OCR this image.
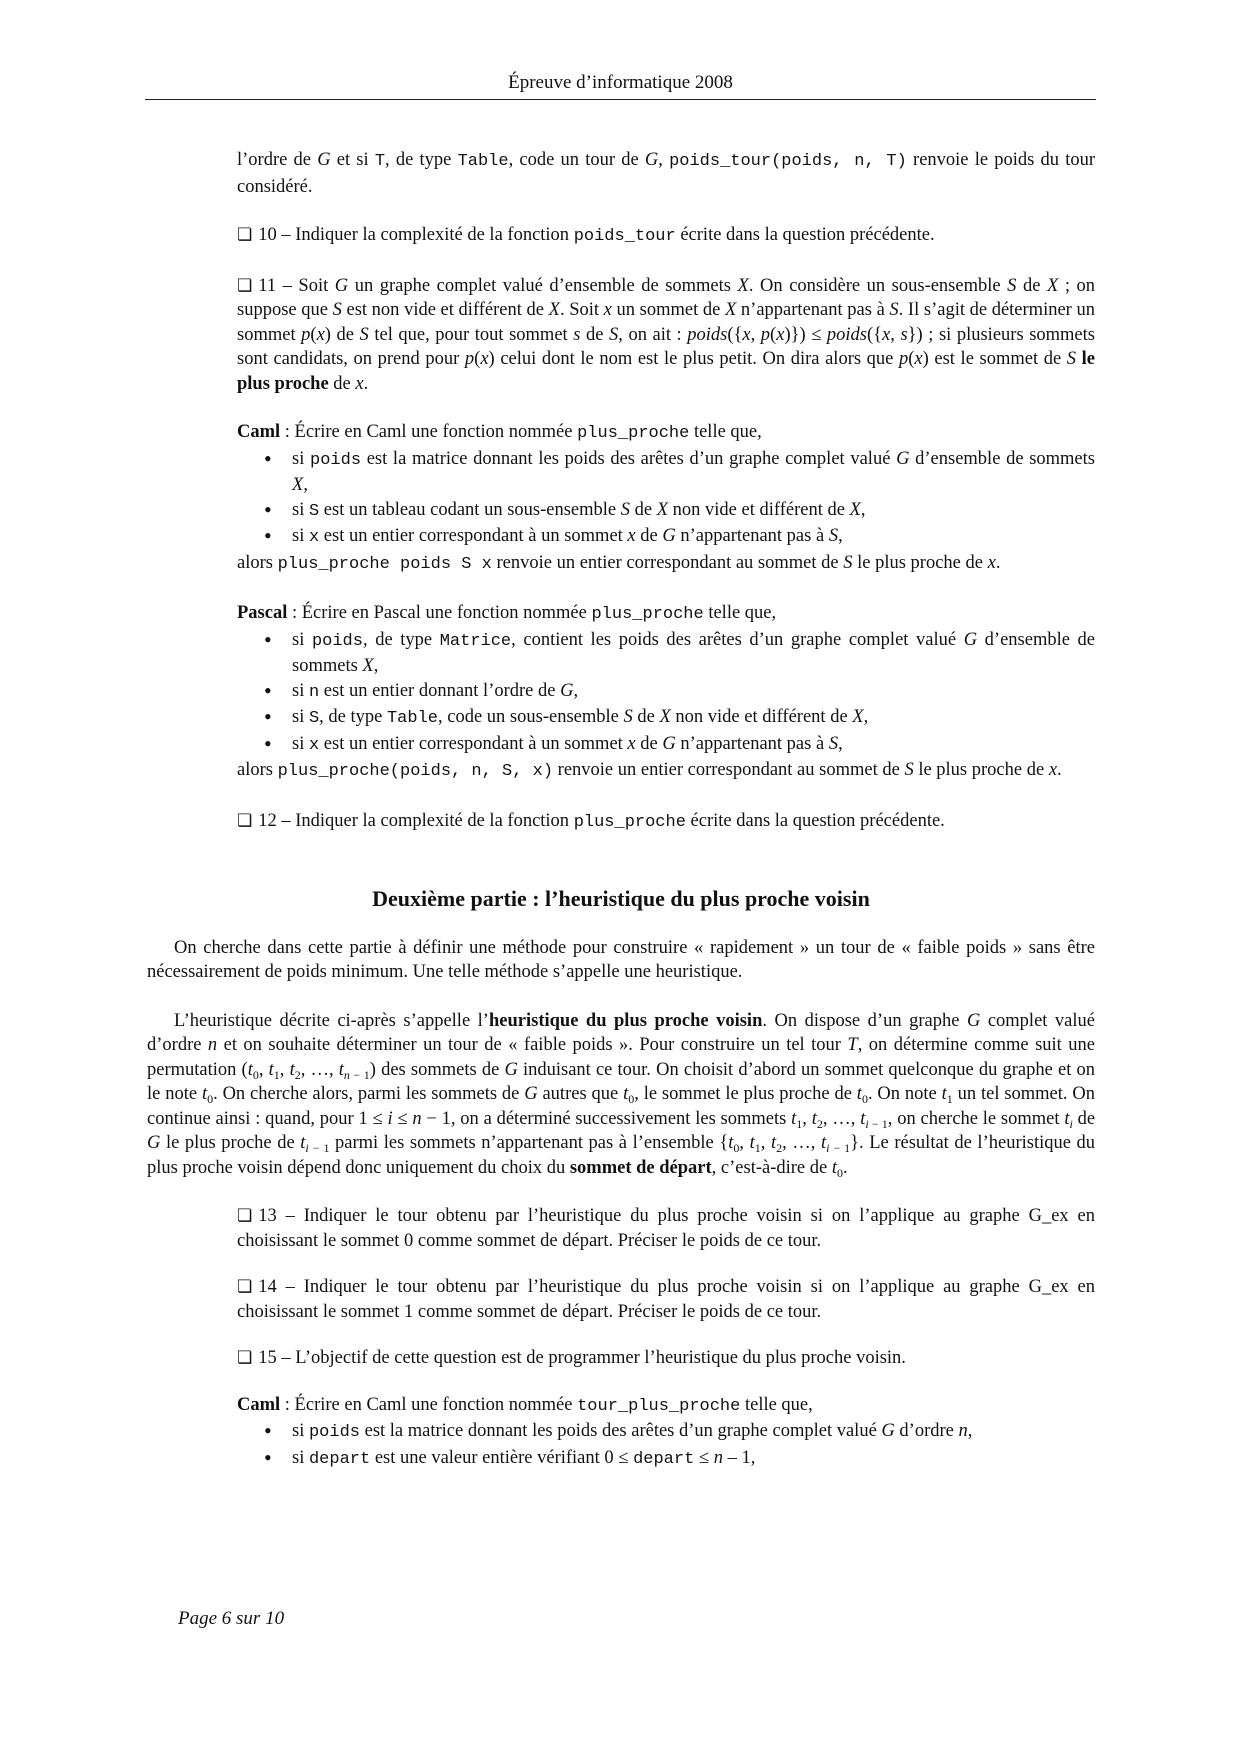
Épreuve d’informatique 2008

l’ordre de G et si T, de type Table, code un tour de G, poids_tour(poids, n, T) renvoie le poids du tour considéré.

❏ 10 – Indiquer la complexité de la fonction poids_tour écrite dans la question précédente.

❏ 11 – Soit G un graphe complet valué d’ensemble de sommets X. On considère un sous-ensemble S de X ; on suppose que S est non vide et différent de X. Soit x un sommet de X n’appartenant pas à S. Il s’agit de déterminer un sommet p(x) de S tel que, pour tout sommet s de S, on ait : poids({x, p(x)}) ≤ poids({x, s}) ; si plusieurs sommets sont candidats, on prend pour p(x) celui dont le nom est le plus petit. On dira alors que p(x) est le sommet de S le plus proche de x.

Caml : Écrire en Caml une fonction nommée plus_proche telle que,

• si poids est la matrice donnant les poids des arêtes d’un graphe complet valué G d’ensemble de sommets X,
• si S est un tableau codant un sous-ensemble S de X non vide et différent de X,
• si x est un entier correspondant à un sommet x de G n’appartenant pas à S,

alors plus_proche poids S x renvoie un entier correspondant au sommet de S le plus proche de x.

Pascal : Écrire en Pascal une fonction nommée plus_proche telle que,

• si poids, de type Matrice, contient les poids des arêtes d’un graphe complet valué G d’ensemble de sommets X,
• si n est un entier donnant l’ordre de G,
• si S, de type Table, code un sous-ensemble S de X non vide et différent de X,
• si x est un entier correspondant à un sommet x de G n’appartenant pas à S,

alors plus_proche(poids, n, S, x) renvoie un entier correspondant au sommet de S le plus proche de x.

❏ 12 – Indiquer la complexité de la fonction plus_proche écrite dans la question précédente.

Deuxième partie : l’heuristique du plus proche voisin

On cherche dans cette partie à définir une méthode pour construire « rapidement » un tour de « faible poids » sans être nécessairement de poids minimum. Une telle méthode s’appelle une heuristique.

L’heuristique décrite ci-après s’appelle l’heuristique du plus proche voisin. On dispose d’un graphe G complet valué d’ordre n et on souhaite déterminer un tour de « faible poids ». Pour construire un tel tour T, on détermine comme suit une permutation ($t_0$, $t_1$, $t_2$, …, $t_{n - 1}$) des sommets de G induisant ce tour. On choisit d’abord un sommet quelconque du graphe et on le note $t_0$. On cherche alors, parmi les sommets de G autres que $t_0$, le sommet le plus proche de $t_0$. On note $t_1$ un tel sommet. On continue ainsi : quand, pour 1 ≤ i ≤ n − 1, on a déterminé successivement les sommets $t_1$, $t_2$, …, $t_{i - 1}$, on cherche le sommet $t_i$ de G le plus proche de $t_{i - 1}$ parmi les sommets n’appartenant pas à l’ensemble {$t_0$, $t_1$, $t_2$, …, $t_{i - 1}$}. Le résultat de l’heuristique du plus proche voisin dépend donc uniquement du choix du sommet de départ, c’est-à-dire de $t_0$.

❏ 13 – Indiquer le tour obtenu par l’heuristique du plus proche voisin si on l’applique au graphe G_ex en choisissant le sommet 0 comme sommet de départ. Préciser le poids de ce tour.

❏ 14 – Indiquer le tour obtenu par l’heuristique du plus proche voisin si on l’applique au graphe G_ex en choisissant le sommet 1 comme sommet de départ. Préciser le poids de ce tour.

❏ 15 – L’objectif de cette question est de programmer l’heuristique du plus proche voisin.

Caml : Écrire en Caml une fonction nommée tour_plus_proche telle que,

• si poids est la matrice donnant les poids des arêtes d’un graphe complet valué G d’ordre n,
• si depart est une valeur entière vérifiant 0 ≤ depart ≤ n – 1,
Page 6 sur 10
